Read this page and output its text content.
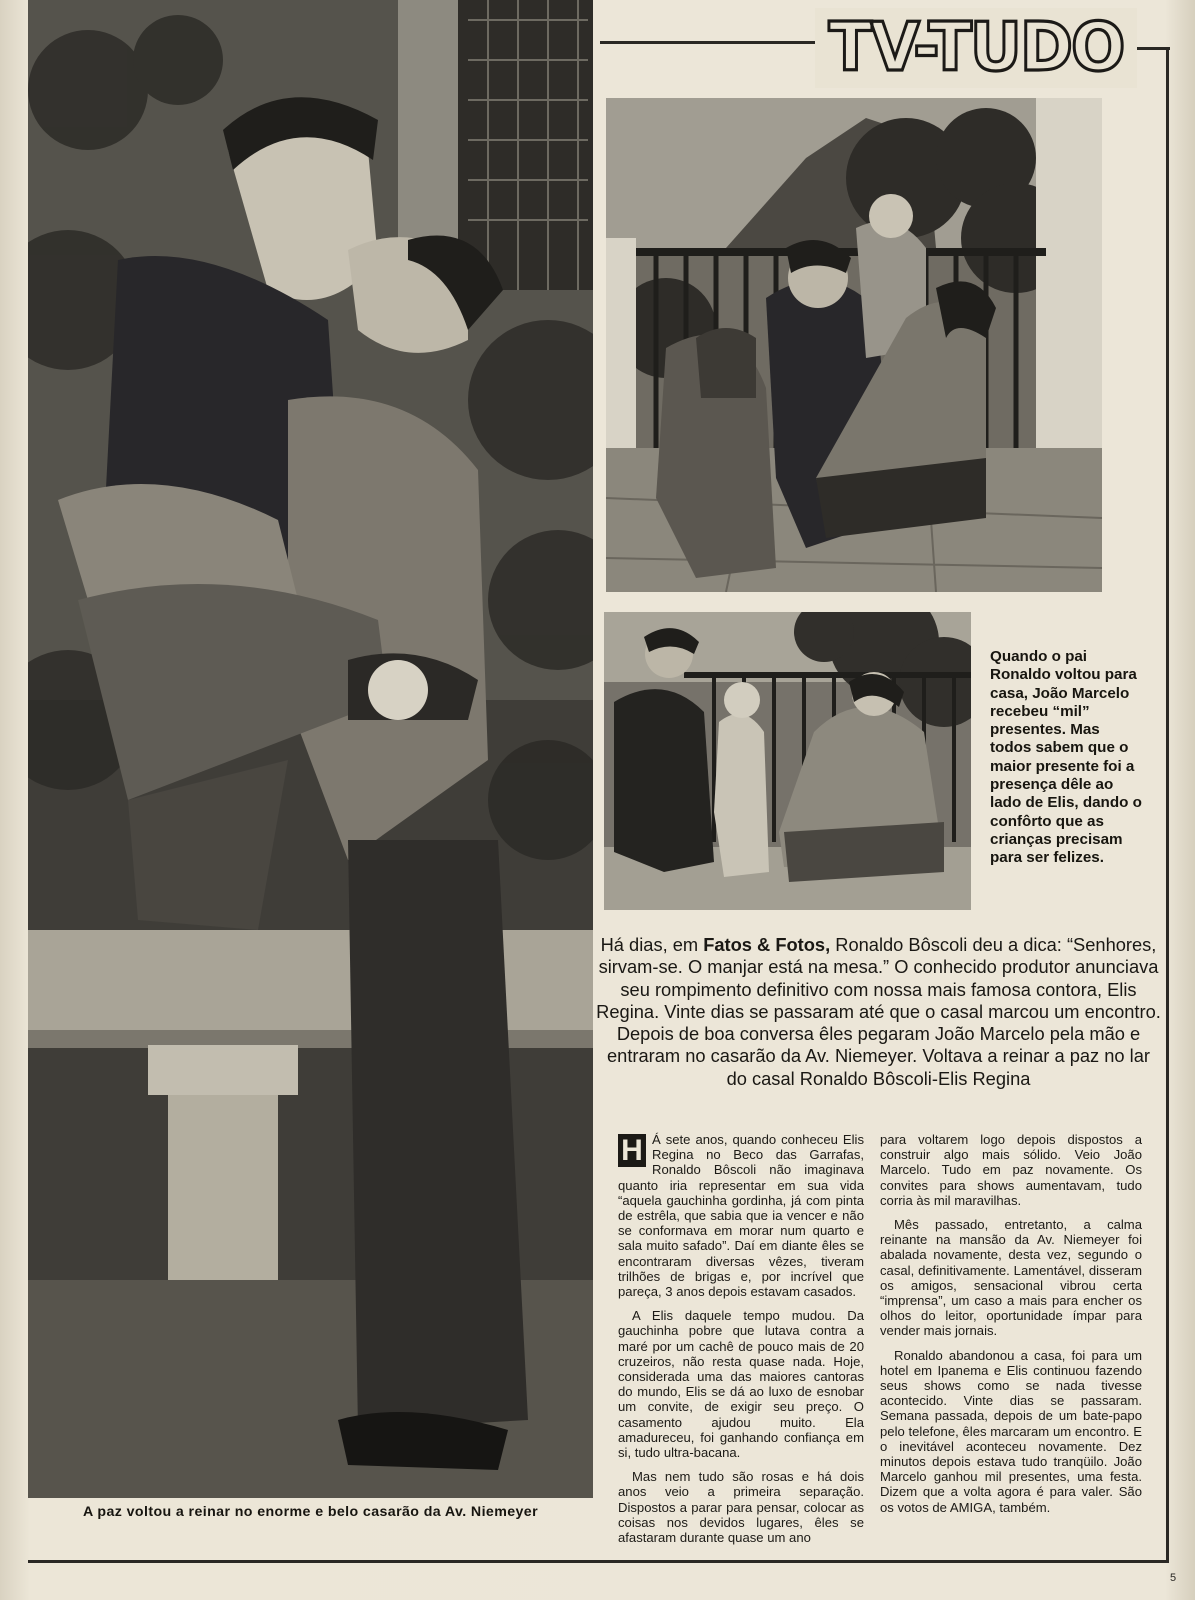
TV-TUDO
Quando o pai Ronaldo voltou para casa, João Marcelo recebeu “mil” presentes. Mas todos sabem que o maior presente foi a presença dêle ao lado de Elis, dando o confôrto que as crianças precisam para ser felizes.
Há dias, em Fatos & Fotos, Ronaldo Bôscoli deu a dica: “Senhores, sirvam-se. O manjar está na mesa.” O conhecido produtor anunciava seu rompimento definitivo com nossa mais famosa contora, Elis Regina. Vinte dias se passaram até que o casal marcou um encontro. Depois de boa conversa êles pegaram João Marcelo pela mão e entraram no casarão da Av. Niemeyer. Voltava a reinar a paz no lar do casal Ronaldo Bôscoli-Elis Regina

H Á sete anos, quando conheceu Elis Regina no Beco das Garrafas, Ronaldo Bôscoli não imaginava quanto iria representar em sua vida “aquela gauchinha gordinha, já com pinta de estrêla, que sabia que ia vencer e não se conformava em morar num quarto e sala muito safado”. Daí em diante êles se encontraram diversas vêzes, tiveram trilhões de brigas e, por incrível que pareça, 3 anos depois estavam casados.

A Elis daquele tempo mudou. Da gauchinha pobre que lutava contra a maré por um cachê de pouco mais de 20 cruzeiros, não resta quase nada. Hoje, considerada uma das maiores cantoras do mundo, Elis se dá ao luxo de esnobar um convite, de exigir seu preço. O casamento ajudou muito. Ela amadureceu, foi ganhando confiança em si, tudo ultra-bacana.

Mas nem tudo são rosas e há dois anos veio a primeira separação. Dispostos a parar para pensar, colocar as coisas nos devidos lugares, êles se afastaram durante quase um ano

para voltarem logo depois dispostos a construir algo mais sólido. Veio João Marcelo. Tudo em paz novamente. Os convites para shows aumentavam, tudo corria às mil maravilhas.

Mês passado, entretanto, a calma reinante na mansão da Av. Niemeyer foi abalada novamente, desta vez, segundo o casal, definitivamente. Lamentável, disseram os amigos, sensacional vibrou certa “imprensa”, um caso a mais para encher os olhos do leitor, oportunidade ímpar para vender mais jornais.

Ronaldo abandonou a casa, foi para um hotel em Ipanema e Elis continuou fazendo seus shows como se nada tivesse acontecido. Vinte dias se passaram. Semana passada, depois de um bate-papo pelo telefone, êles marcaram um encontro. E o inevitável aconteceu novamente. Dez minutos depois estava tudo tranqüilo. João Marcelo ganhou mil presentes, uma festa. Dizem que a volta agora é para valer. São os votos de AMIGA, também.

A paz voltou a reinar no enorme e belo casarão da Av. Niemeyer
5
